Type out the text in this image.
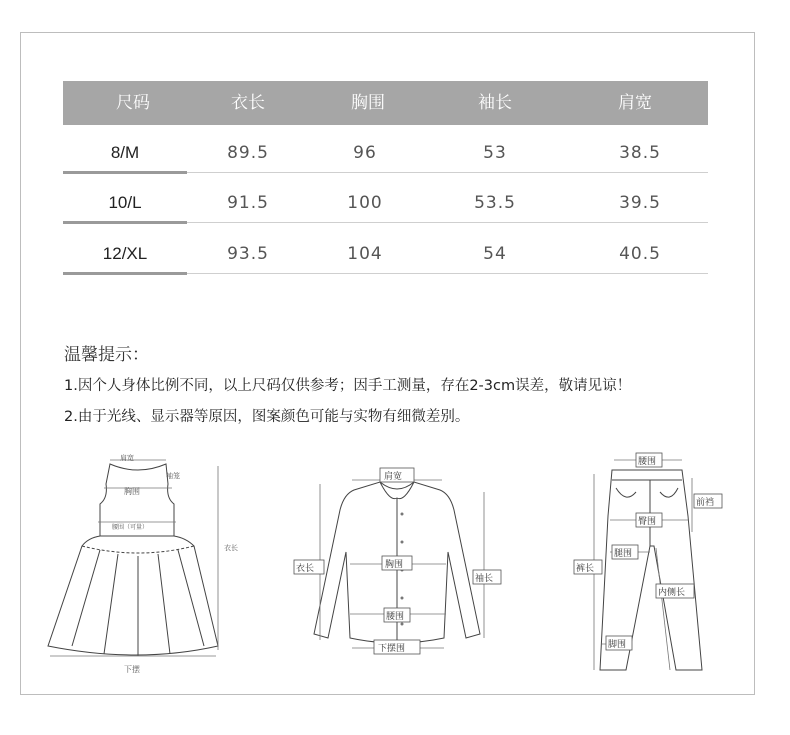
尺码	衣长	胸围	袖长	肩宽
8/M	89.5	96	53	38.5
10/L	91.5	100	53.5	39.5
12/XL	93.5	104	54	40.5
温馨提示：
1.因个人身体比例不同，以上尺码仅供参考；因手工测量，存在2-3cm误差，敬请见谅！
2.由于光线、显示器等原因，图案颜色可能与实物有细微差别。
肩宽
胸围
袖笼
腰围（可量）
衣长
下摆
肩宽
衣长
袖长
胸围
腰围
下摆围
腰围
前裆
臀围
裤长
腿围
内侧长
脚围
